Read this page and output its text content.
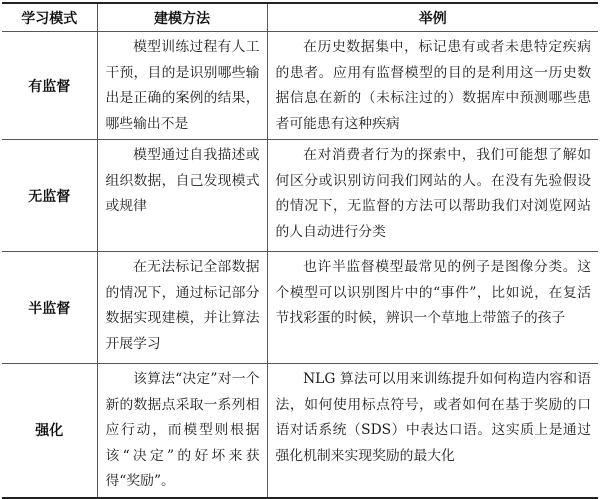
学习模式	建模方法	举例
有监督	模型训练过程有人工干预，目的是识别哪些输出是正确的案例的结果，哪些输出不是	在历史数据集中，标记患有或者未患特定疾病的患者。应用有监督模型的目的是利用这一历史数据信息在新的（未标注过的）数据库中预测哪些患者可能患有这种疾病
无监督	模型通过自我描述或组织数据，自己发现模式或规律	在对消费者行为的探索中，我们可能想了解如何区分或识别访问我们网站的人。在没有先验假设的情况下，无监督的方法可以帮助我们对浏览网站的人自动进行分类
半监督	在无法标记全部数据的情况下，通过标记部分数据实现建模，并让算法开展学习	也许半监督模型最常见的例子是图像分类。这个模型可以识别图片中的“事件”，比如说，在复活节找彩蛋的时候，辨识一个草地上带篮子的孩子
强化	该算法“决定”对一个新的数据点采取一系列相应行动，而模型则根据该“决定”的好坏来获得“奖励”。	NLG 算法可以用来训练提升如何构造内容和语法，如何使用标点符号，或者如何在基于奖励的口语对话系统（SDS）中表达口语。这实质上是通过强化机制来实现奖励的最大化
